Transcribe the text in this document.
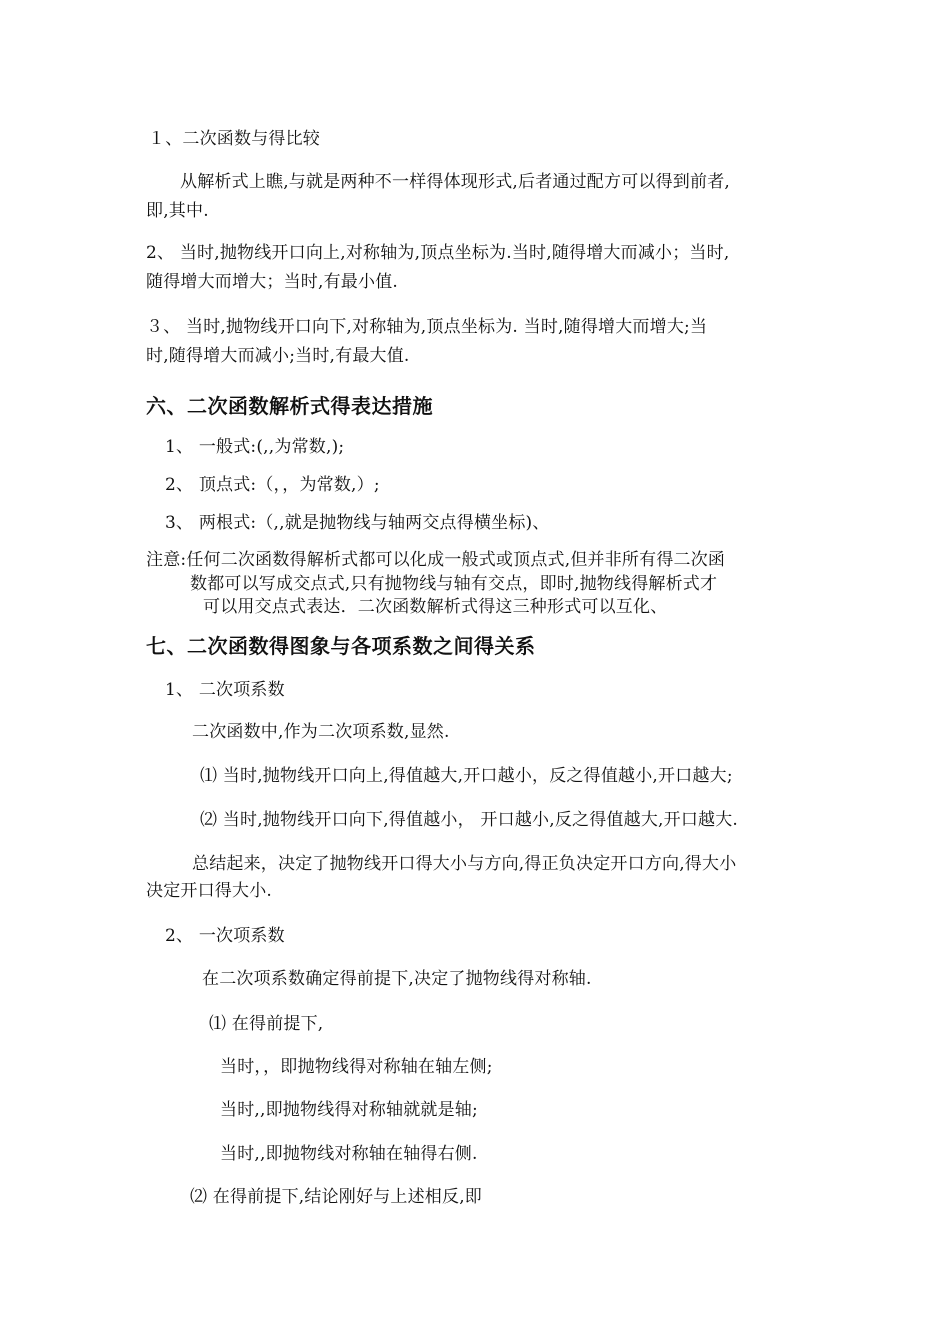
１、二次函数与得比较
从解析式上瞧,与就是两种不一样得体现形式,后者通过配方可以得到前者,
即,其中.
2、 当时,抛物线开口向上,对称轴为,顶点坐标为.当时,随得增大而减小；当时,
随得增大而增大；当时,有最小值.
３、 当时,抛物线开口向下,对称轴为,顶点坐标为. 当时,随得增大而增大;当
时,随得增大而减小;当时,有最大值.
六、二次函数解析式得表达措施
1、 一般式:(,,为常数,);
2、 顶点式:（，，为常数,）;
3、 两根式:（,,就是抛物线与轴两交点得横坐标)、
注意:任何二次函数得解析式都可以化成一般式或顶点式,但并非所有得二次函
数都可以写成交点式,只有抛物线与轴有交点，即时,抛物线得解析式才
可以用交点式表达．二次函数解析式得这三种形式可以互化、
七、二次函数得图象与各项系数之间得关系
1、 二次项系数
二次函数中,作为二次项系数,显然.
⑴ 当时,抛物线开口向上,得值越大,开口越小，反之得值越小,开口越大;
⑵ 当时,抛物线开口向下,得值越小， 开口越小,反之得值越大,开口越大.
总结起来，决定了抛物线开口得大小与方向,得正负决定开口方向,得大小
决定开口得大小.
2、 一次项系数
在二次项系数确定得前提下,决定了抛物线得对称轴.
⑴ 在得前提下,
当时，，即抛物线得对称轴在轴左侧;
当时,,即抛物线得对称轴就就是轴;
当时,,即抛物线对称轴在轴得右侧.
⑵ 在得前提下,结论刚好与上述相反,即
